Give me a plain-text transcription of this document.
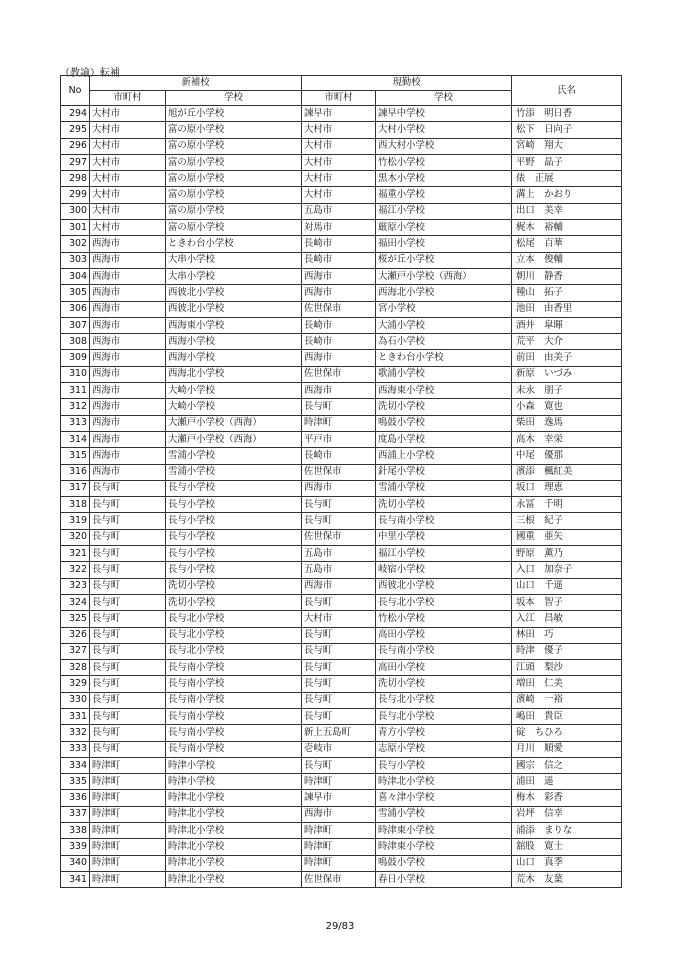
（教諭）転補
No	新補校		現勤校		氏名
	市町村	学校	市町村	学校	
294	大村市	旭が丘小学校	諫早市	諫早中学校	竹添　明日香
295	大村市	富の原小学校	大村市	大村小学校	松下　日向子
296	大村市	富の原小学校	大村市	西大村小学校	宮崎　翔大
297	大村市	富の原小学校	大村市	竹松小学校	平野　晶子
298	大村市	富の原小学校	大村市	黒木小学校	俵　正展
299	大村市	富の原小学校	大村市	福重小学校	溝上　かおり
300	大村市	富の原小学校	五島市	福江小学校	出口　美幸
301	大村市	富の原小学校	対馬市	厳原小学校	梶木　裕輔
302	西海市	ときわ台小学校	長崎市	福田小学校	松尾　百華
303	西海市	大串小学校	長崎市	桜が丘小学校	立本　俊輔
304	西海市	大串小学校	西海市	大瀬戸小学校（西海）	朝川　静香
305	西海市	西彼北小学校	西海市	西海北小学校	種山　拓子
306	西海市	西彼北小学校	佐世保市	宮小学校	池田　由香里
307	西海市	西海東小学校	長崎市	大浦小学校	酒井　皐暉
308	西海市	西海小学校	長崎市	為石小学校	荒平　大介
309	西海市	西海小学校	西海市	ときわ台小学校	前田　由美子
310	西海市	西海北小学校	佐世保市	歌浦小学校	新原　いづみ
311	西海市	大崎小学校	西海市	西海東小学校	末永　朋子
312	西海市	大崎小学校	長与町	洗切小学校	小森　寛也
313	西海市	大瀬戸小学校（西海）	時津町	鳴鼓小学校	柴田　逸馬
314	西海市	大瀬戸小学校（西海）	平戸市	度島小学校	高木　幸栄
315	西海市	雪浦小学校	長崎市	西浦上小学校	中尾　優那
316	西海市	雪浦小学校	佐世保市	針尾小学校	濱添　楓紅美
317	長与町	長与小学校	西海市	雪浦小学校	坂口　理恵
318	長与町	長与小学校	長与町	洗切小学校	永冨　千明
319	長与町	長与小学校	長与町	長与南小学校	三根　紀子
320	長与町	長与小学校	佐世保市	中里小学校	國重　亜矢
321	長与町	長与小学校	五島市	福江小学校	野原　薫乃
322	長与町	長与小学校	五島市	岐宿小学校	入口　加奈子
323	長与町	洗切小学校	西海市	西彼北小学校	山口　千遥
324	長与町	洗切小学校	長与町	長与北小学校	坂本　智子
325	長与町	長与北小学校	大村市	竹松小学校	入江　昌敏
326	長与町	長与北小学校	長与町	高田小学校	林田　巧
327	長与町	長与北小学校	長与町	長与南小学校	時津　優子
328	長与町	長与南小学校	長与町	高田小学校	江頭　梨沙
329	長与町	長与南小学校	長与町	洗切小学校	増田　仁美
330	長与町	長与南小学校	長与町	長与北小学校	濱崎　一裕
331	長与町	長与南小学校	長与町	長与北小学校	嶋田　貴臣
332	長与町	長与南小学校	新上五島町	青方小学校	碇　ちひろ
333	長与町	長与南小学校	壱岐市	志原小学校	月川　順愛
334	時津町	時津小学校	長与町	長与小学校	國宗　信之
335	時津町	時津小学校	時津町	時津北小学校	浦田　遥
336	時津町	時津北小学校	諫早市	喜々津小学校	梅木　彩香
337	時津町	時津北小学校	西海市	雪浦小学校	岩坪　信幸
338	時津町	時津北小学校	時津町	時津東小学校	浦添　まりな
339	時津町	時津北小学校	時津町	時津東小学校	舘股　寛士
340	時津町	時津北小学校	時津町	鳴鼓小学校	山口　真季
341	時津町	時津北小学校	佐世保市	春日小学校	荒木　友葉
29/83
